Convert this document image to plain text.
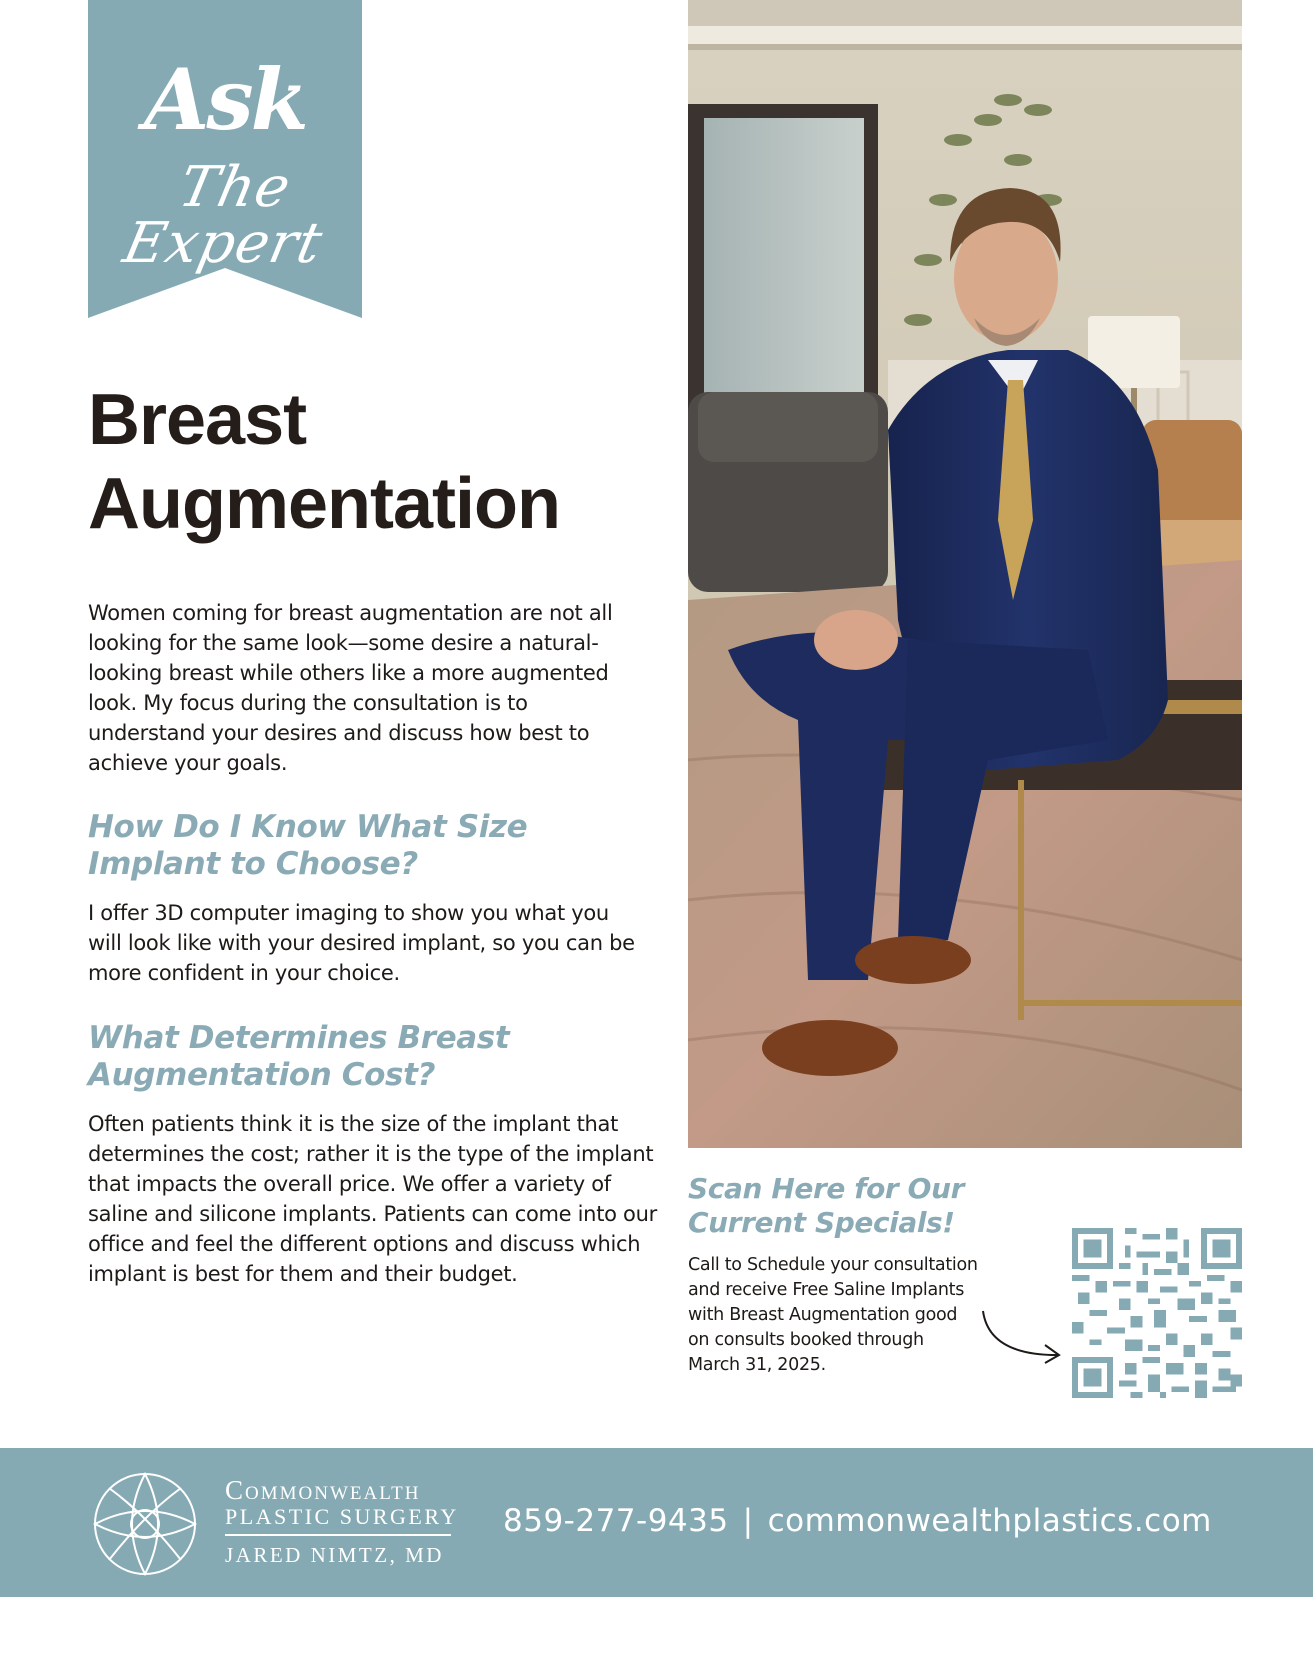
Ask
The Expert
Breast
Augmentation

Women coming for breast augmentation are not all looking for the same look—some desire a natural-looking breast while others like a more augmented look. My focus during the consultation is to understand your desires and discuss how best to achieve your goals.

How Do I Know What Size Implant to Choose?

I offer 3D computer imaging to show you what you will look like with your desired implant, so you can be more confident in your choice.

What Determines Breast Augmentation Cost?

Often patients think it is the size of the implant that determines the cost; rather it is the type of the implant that impacts the overall price. We offer a variety of saline and silicone implants. Patients can come into our office and feel the different options and discuss which implant is best for them and their budget.

Scan Here for Our Current Specials!

Call to Schedule your consultation and receive Free Saline Implants with Breast Augmentation good on consults booked through March 31, 2025.

Commonwealth
PLASTIC SURGERY
JARED NIMTZ, MD
859-277-9435 | commonwealthplastics.com
